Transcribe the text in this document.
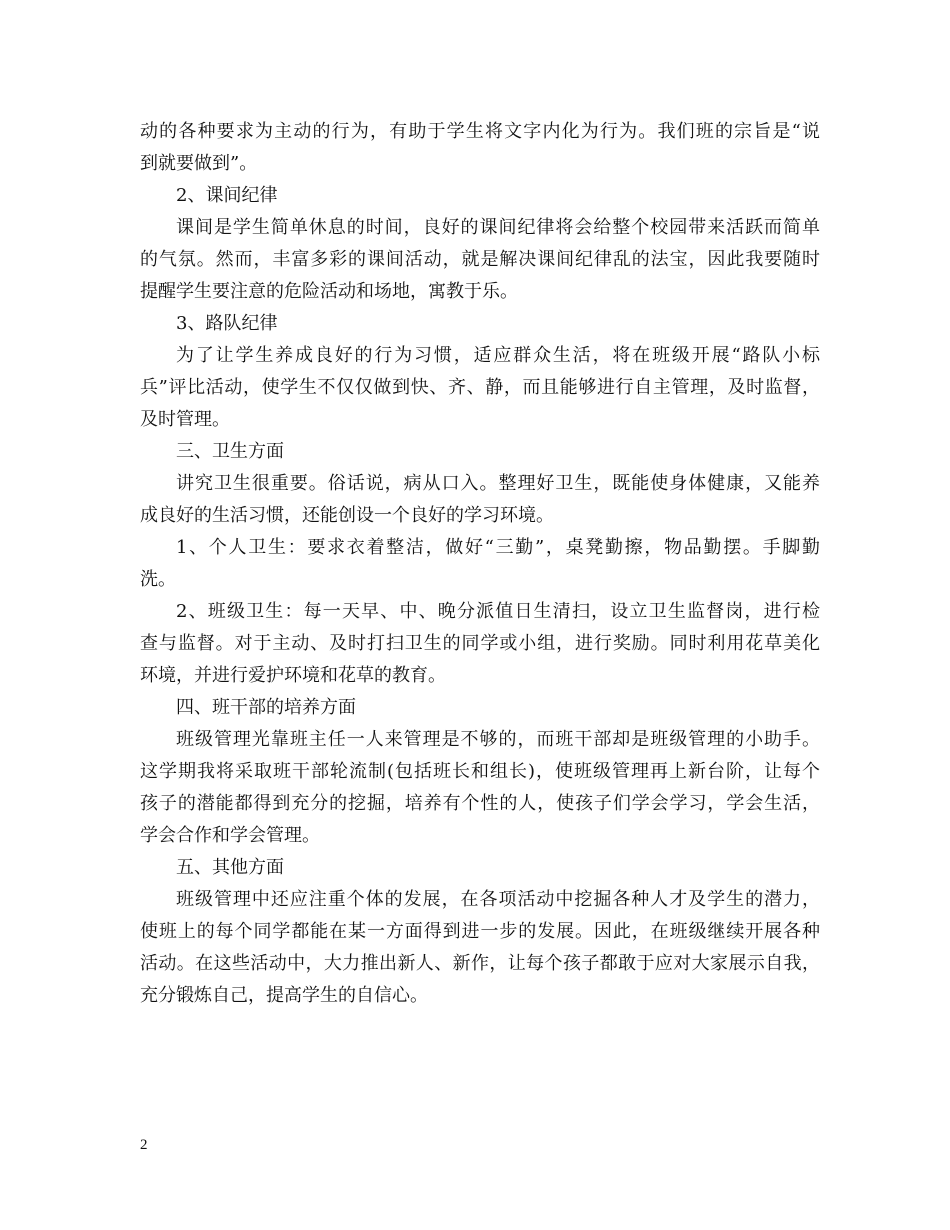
动的各种要求为主动的行为，有助于学生将文字内化为行为。我们班的宗旨是“说
到就要做到”。
2、课间纪律
课间是学生简单休息的时间，良好的课间纪律将会给整个校园带来活跃而简单
的气氛。然而，丰富多彩的课间活动，就是解决课间纪律乱的法宝，因此我要随时
提醒学生要注意的危险活动和场地，寓教于乐。
3、路队纪律
为了让学生养成良好的行为习惯，适应群众生活，将在班级开展“路队小标
兵”评比活动，使学生不仅仅做到快、齐、静，而且能够进行自主管理，及时监督，
及时管理。
三、卫生方面
讲究卫生很重要。俗话说，病从口入。整理好卫生，既能使身体健康，又能养
成良好的生活习惯，还能创设一个良好的学习环境。
1、个人卫生：要求衣着整洁，做好“三勤”，桌凳勤擦，物品勤摆。手脚勤
洗。
2、班级卫生：每一天早、中、晚分派值日生清扫，设立卫生监督岗，进行检
查与监督。对于主动、及时打扫卫生的同学或小组，进行奖励。同时利用花草美化
环境，并进行爱护环境和花草的教育。
四、班干部的培养方面
班级管理光靠班主任一人来管理是不够的，而班干部却是班级管理的小助手。
这学期我将采取班干部轮流制(包括班长和组长)，使班级管理再上新台阶，让每个
孩子的潜能都得到充分的挖掘，培养有个性的人，使孩子们学会学习，学会生活，
学会合作和学会管理。
五、其他方面
班级管理中还应注重个体的发展，在各项活动中挖掘各种人才及学生的潜力，
使班上的每个同学都能在某一方面得到进一步的发展。因此，在班级继续开展各种
活动。在这些活动中，大力推出新人、新作，让每个孩子都敢于应对大家展示自我，
充分锻炼自己，提高学生的自信心。
2
